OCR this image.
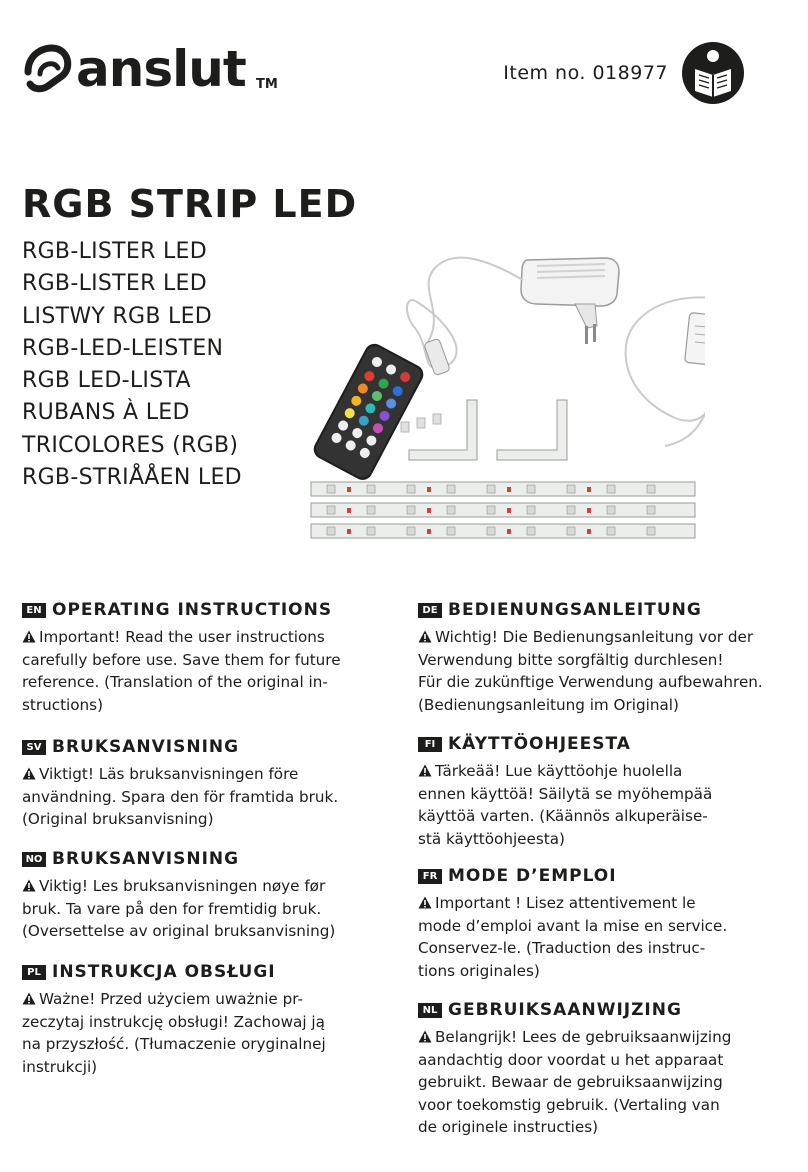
anslut TM
Item no. 018977
RGB STRIP LED
RGB-LISTER LED
RGB-LISTER LED
LISTWY RGB LED
RGB-LED-LEISTEN
RGB LED-LISTA
RUBANS À LED
TRICOLORES (RGB)
RGB-STRIÅÅEN LED
EN OPERATING INSTRUCTIONS
Important! Read the user instructions
carefully before use. Save them for future
reference. (Translation of the original in-
structions)
SV BRUKSANVISNING
Viktigt! Läs bruksanvisningen före
användning. Spara den för framtida bruk.
(Original bruksanvisning)
NO BRUKSANVISNING
Viktig! Les bruksanvisningen nøye før
bruk. Ta vare på den for fremtidig bruk.
(Oversettelse av original bruksanvisning)
PL INSTRUKCJA OBSŁUGI
Ważne! Przed użyciem uważnie pr-
zeczytaj instrukcję obsługi! Zachowaj ją
na przyszłość. (Tłumaczenie oryginalnej
instrukcji)
DE BEDIENUNGSANLEITUNG
Wichtig! Die Bedienungsanleitung vor der
Verwendung bitte sorgfältig durchlesen!
Für die zukünftige Verwendung aufbewahren.
(Bedienungsanleitung im Original)
FI KÄYTTÖOHJEESTA
Tärkeää! Lue käyttöohje huolella
ennen käyttöä! Säilytä se myöhempää
käyttöä varten. (Käännös alkuperäise-
stä käyttöohjeesta)
FR MODE D’EMPLOI
Important ! Lisez attentivement le
mode d’emploi avant la mise en service.
Conservez-le. (Traduction des instruc-
tions originales)
NL GEBRUIKSAANWIJZING
Belangrijk! Lees de gebruiksaanwijzing
aandachtig door voordat u het apparaat
gebruikt. Bewaar de gebruiksaanwijzing
voor toekomstig gebruik. (Vertaling van
de originele instructies)
